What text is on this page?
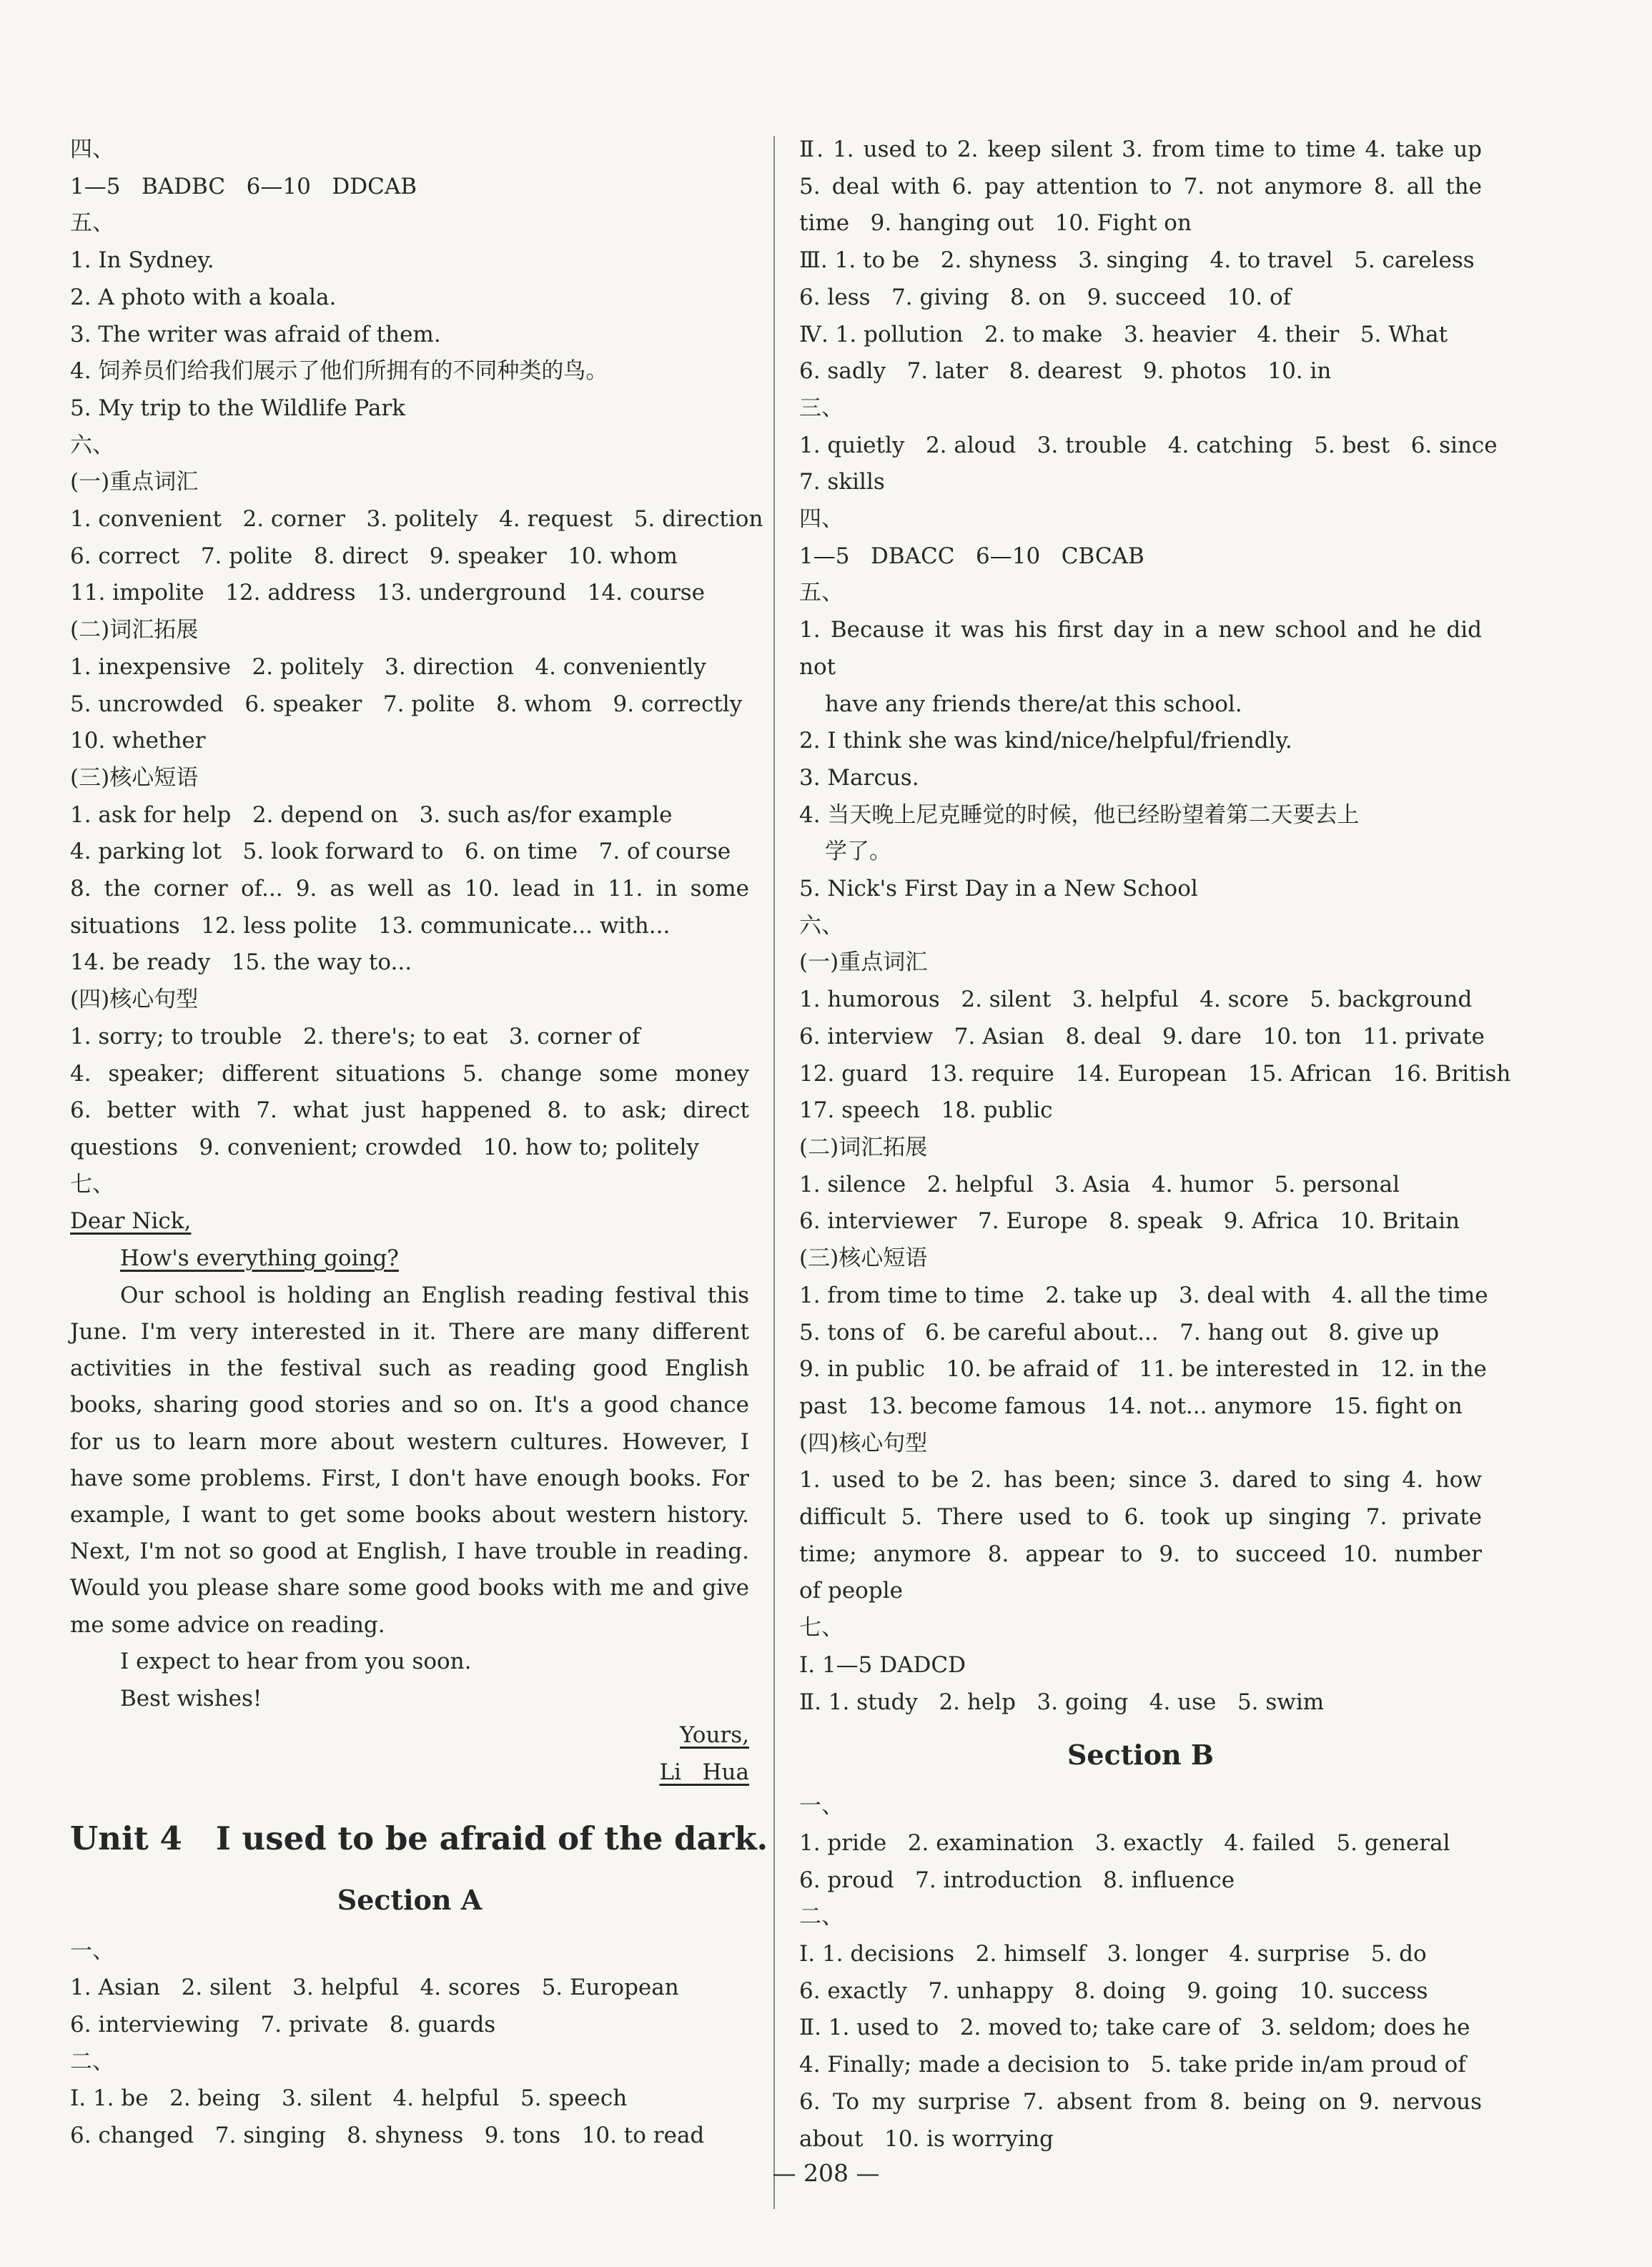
四、
1—5   BADBC   6—10   DDCAB
五、
1. In Sydney.
2. A photo with a koala.
3. The writer was afraid of them.
4. 饲养员们给我们展示了他们所拥有的不同种类的鸟。
5. My trip to the Wildlife Park
六、
(一)重点词汇
1. convenient   2. corner   3. politely   4. request   5. direction
6. correct   7. polite   8. direct   9. speaker   10. whom
11. impolite   12. address   13. underground   14. course
(二)词汇拓展
1. inexpensive   2. politely   3. direction   4. conveniently
5. uncrowded   6. speaker   7. polite   8. whom   9. correctly
10. whether
(三)核心短语
1. ask for help   2. depend on   3. such as/for example
4. parking lot   5. look forward to   6. on time   7. of course
8. the corner of... 9. as well as 10. lead in 11. in some
situations   12. less polite   13. communicate... with...
14. be ready   15. the way to...
(四)核心句型
1. sorry; to trouble   2. there's; to eat   3. corner of
4. speaker; different situations 5. change some money
6. better with 7. what just happened 8. to ask; direct
questions   9. convenient; crowded   10. how to; politely
七、
Dear Nick,
How's everything going?

Our school is holding an English reading festival this June. I'm very interested in it. There are many different activities in the festival such as reading good English books, sharing good stories and so on. It's a good chance for us to learn more about western cultures. However, I have some problems. First, I don't have enough books. For example, I want to get some books about western history. Next, I'm not so good at English, I have trouble in reading. Would you please share some good books with me and give me some advice on reading.

I expect to hear from you soon.
Best wishes!
Yours,
Li   Hua
Unit 4   I used to be afraid of the dark.
Section A
一、
1. Asian   2. silent   3. helpful   4. scores   5. European
6. interviewing   7. private   8. guards
二、
Ⅰ. 1. be   2. being   3. silent   4. helpful   5. speech
6. changed   7. singing   8. shyness   9. tons   10. to read
Ⅱ. 1. used to 2. keep silent 3. from time to time 4. take up
5. deal with 6. pay attention to 7. not anymore 8. all the
time   9. hanging out   10. Fight on
Ⅲ. 1. to be   2. shyness   3. singing   4. to travel   5. careless
6. less   7. giving   8. on   9. succeed   10. of
Ⅳ. 1. pollution   2. to make   3. heavier   4. their   5. What
6. sadly   7. later   8. dearest   9. photos   10. in
三、
1. quietly   2. aloud   3. trouble   4. catching   5. best   6. since
7. skills
四、
1—5   DBACC   6—10   CBCAB
五、
1. Because it was his first day in a new school and he did not
have any friends there/at this school.
2. I think she was kind/nice/helpful/friendly.
3. Marcus.
4. 当天晚上尼克睡觉的时候，他已经盼望着第二天要去上
学了。
5. Nick's First Day in a New School
六、
(一)重点词汇
1. humorous   2. silent   3. helpful   4. score   5. background
6. interview   7. Asian   8. deal   9. dare   10. ton   11. private
12. guard   13. require   14. European   15. African   16. British
17. speech   18. public
(二)词汇拓展
1. silence   2. helpful   3. Asia   4. humor   5. personal
6. interviewer   7. Europe   8. speak   9. Africa   10. Britain
(三)核心短语
1. from time to time   2. take up   3. deal with   4. all the time
5. tons of   6. be careful about...   7. hang out   8. give up
9. in public   10. be afraid of   11. be interested in   12. in the
past   13. become famous   14. not... anymore   15. fight on
(四)核心句型
1. used to be 2. has been; since 3. dared to sing 4. how
difficult 5. There used to 6. took up singing 7. private
time; anymore 8. appear to 9. to succeed 10. number
of people
七、
Ⅰ. 1—5 DADCD
Ⅱ. 1. study   2. help   3. going   4. use   5. swim
Section B
一、
1. pride   2. examination   3. exactly   4. failed   5. general
6. proud   7. introduction   8. influence
二、
Ⅰ. 1. decisions   2. himself   3. longer   4. surprise   5. do
6. exactly   7. unhappy   8. doing   9. going   10. success
Ⅱ. 1. used to   2. moved to; take care of   3. seldom; does he
4. Finally; made a decision to   5. take pride in/am proud of
6. To my surprise 7. absent from 8. being on 9. nervous
about   10. is worrying
— 208 —
